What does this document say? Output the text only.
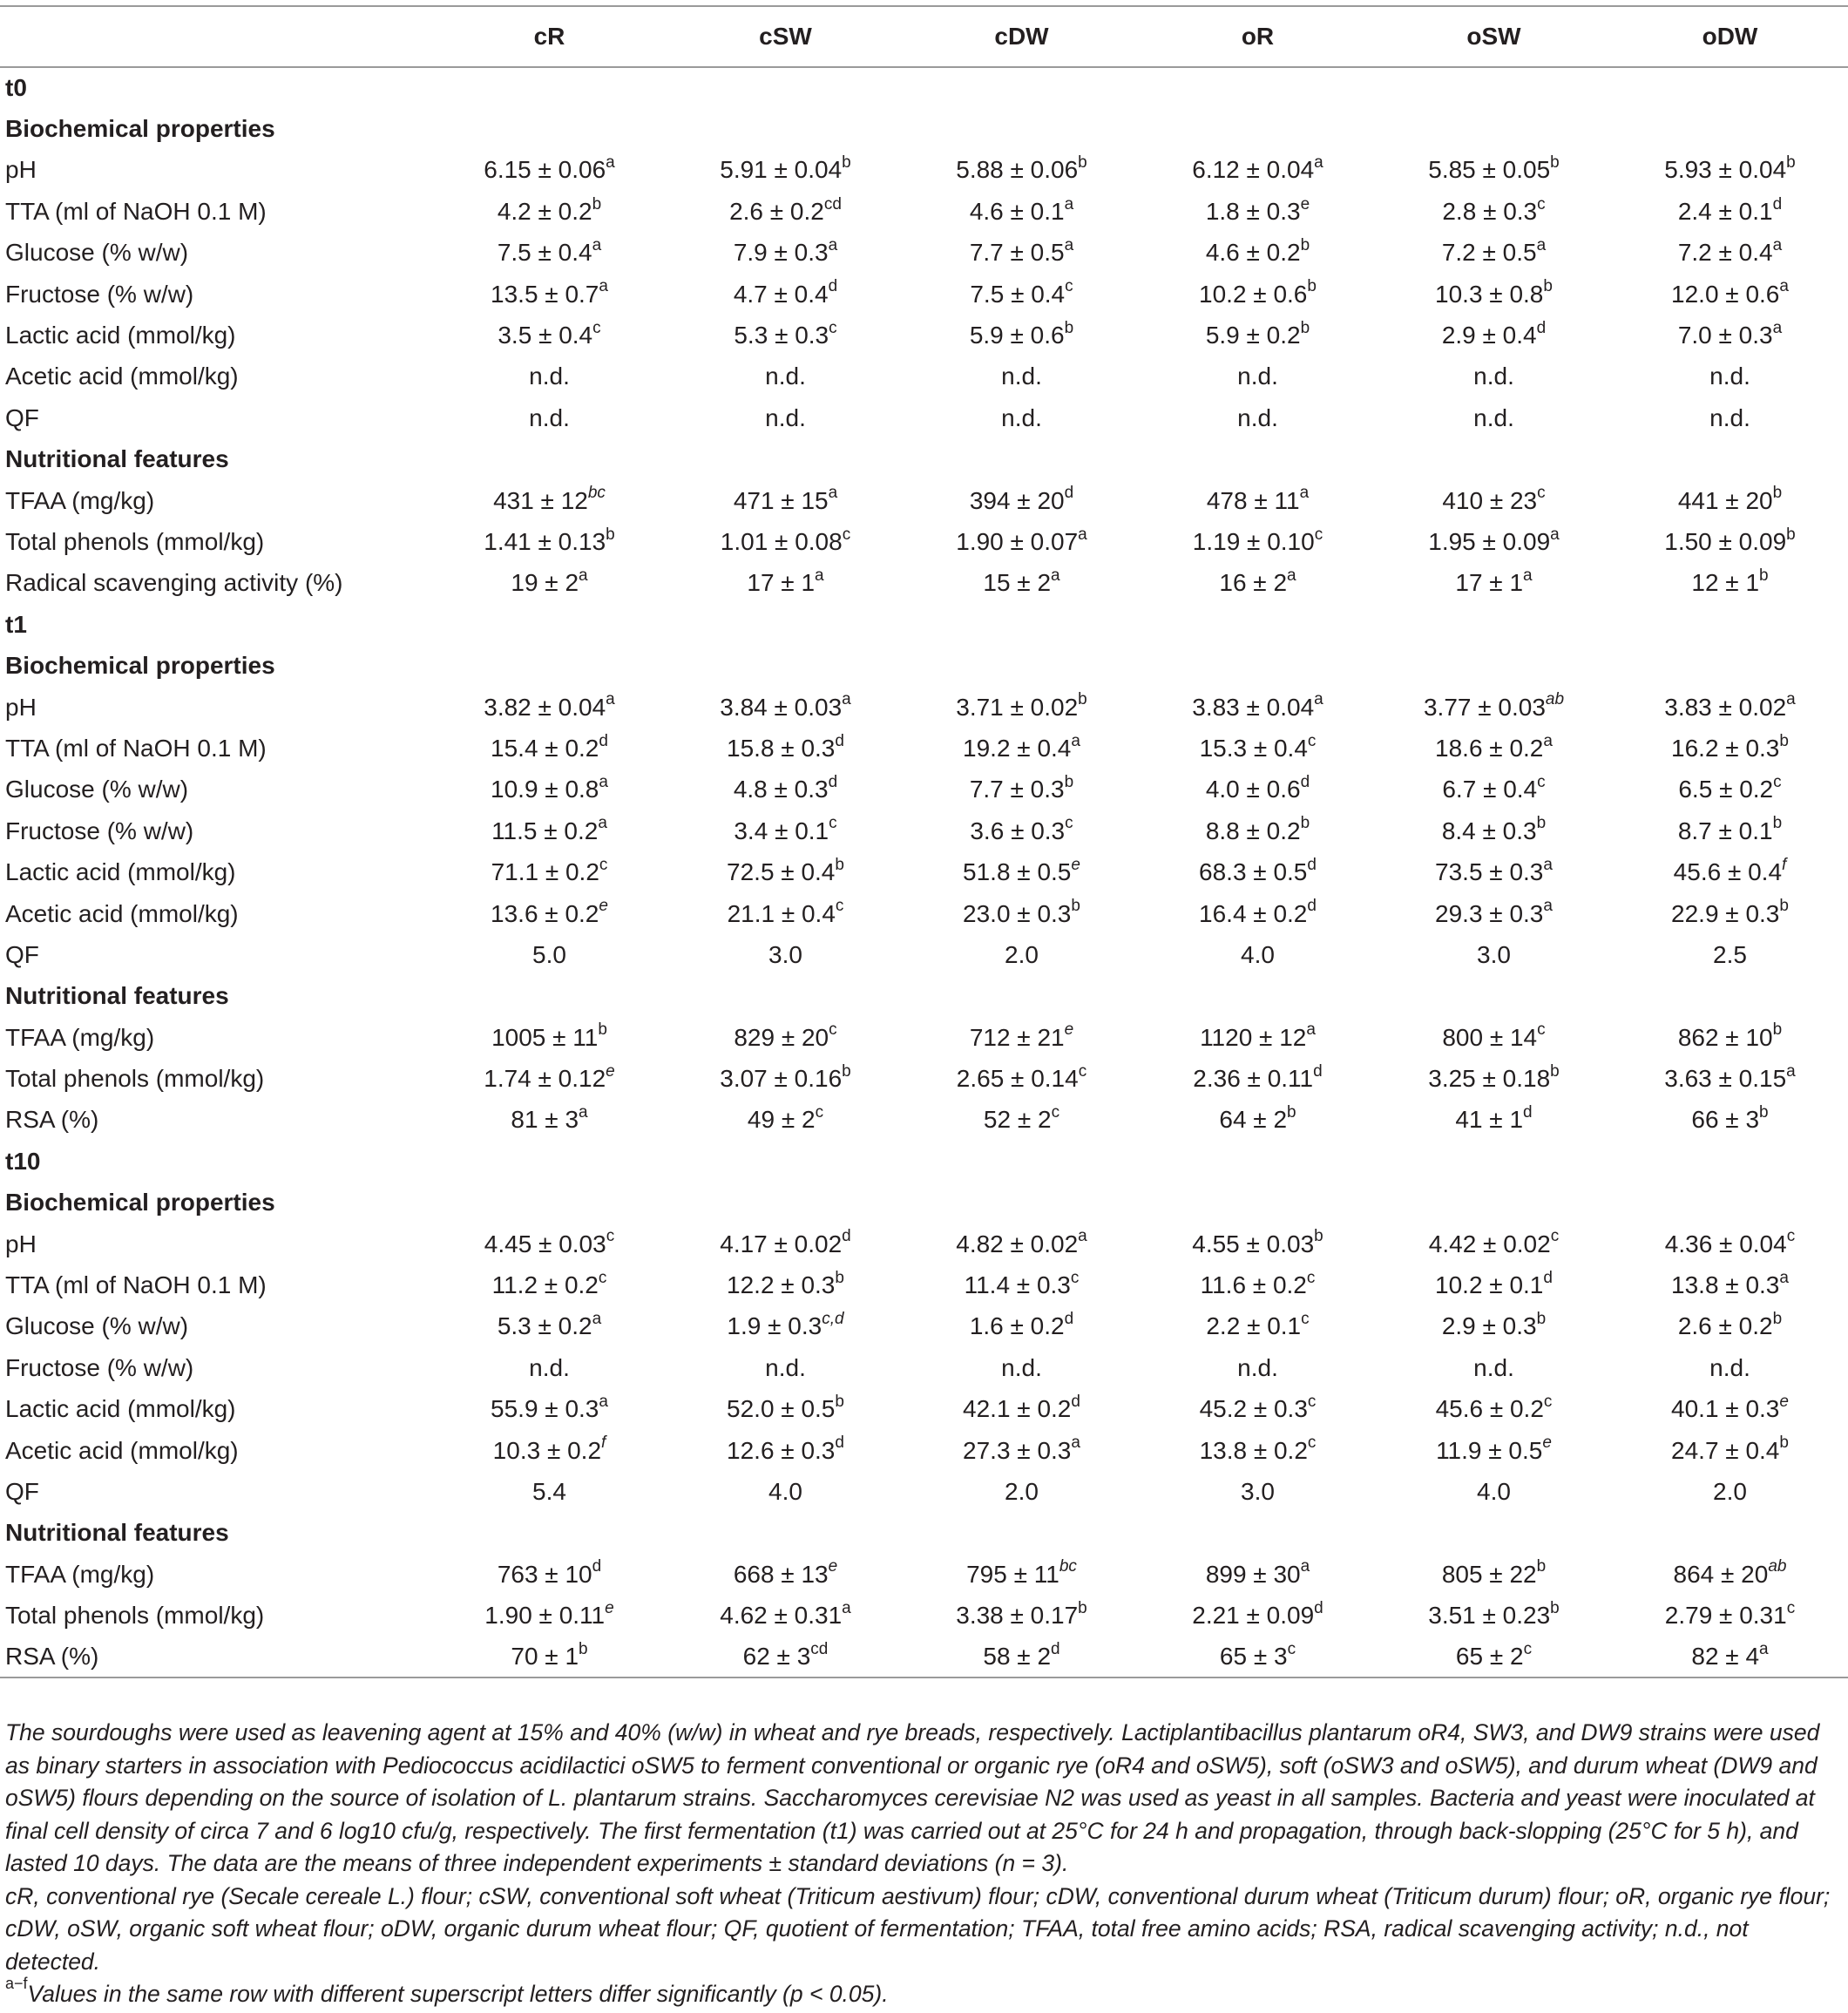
	cR	cSW	cDW	oR	oSW	oDW
t0						
Biochemical properties						
pH	6.15 ± 0.06$^a$	5.91 ± 0.04$^b$	5.88 ± 0.06$^b$	6.12 ± 0.04$^a$	5.85 ± 0.05$^b$	5.93 ± 0.04$^b$
TTA (ml of NaOH 0.1 M)	4.2 ± 0.2$^b$	2.6 ± 0.2$^{cd}$	4.6 ± 0.1$^a$	1.8 ± 0.3$^e$	2.8 ± 0.3$^c$	2.4 ± 0.1$^d$
Glucose (% w/w)	7.5 ± 0.4$^a$	7.9 ± 0.3$^a$	7.7 ± 0.5$^a$	4.6 ± 0.2$^b$	7.2 ± 0.5$^a$	7.2 ± 0.4$^a$
Fructose (% w/w)	13.5 ± 0.7$^a$	4.7 ± 0.4$^d$	7.5 ± 0.4$^c$	10.2 ± 0.6$^b$	10.3 ± 0.8$^b$	12.0 ± 0.6$^a$
Lactic acid (mmol/kg)	3.5 ± 0.4$^c$	5.3 ± 0.3$^c$	5.9 ± 0.6$^b$	5.9 ± 0.2$^b$	2.9 ± 0.4$^d$	7.0 ± 0.3$^a$
Acetic acid (mmol/kg)	n.d.	n.d.	n.d.	n.d.	n.d.	n.d.
QF	n.d.	n.d.	n.d.	n.d.	n.d.	n.d.
Nutritional features						
TFAA (mg/kg)	$431 \pm 12^{bc}$	$471 \pm 15^a$	$394 \pm 20^d$	$478 \pm 11^a$	$410 \pm 23^c$	$441 \pm 20^b$
Total phenols (mmol/kg)	1.41 ± 0.13$^b$	1.01 ± 0.08$^c$	1.90 ± 0.07$^a$	1.19 ± 0.10$^c$	1.95 ± 0.09$^a$	1.50 ± 0.09$^b$
Radical scavenging activity (%)	$19 \pm 2^a$	$17 \pm 1^a$	$15 \pm 2^a$	$16 \pm 2^a$	$17 \pm 1^a$	$12 \pm 1^b$
t1						
Biochemical properties						
pH	3.82 ± 0.04$^a$	3.84 ± 0.03$^a$	3.71 ± 0.02$^b$	3.83 ± 0.04$^a$	3.77 ± 0.03$^{ab}$	3.83 ± 0.02$^a$
TTA (ml of NaOH 0.1 M)	15.4 ± 0.2$^d$	15.8 ± 0.3$^d$	19.2 ± 0.4$^a$	15.3 ± 0.4$^c$	18.6 ± 0.2$^a$	16.2 ± 0.3$^b$
Glucose (% w/w)	10.9 ± 0.8$^a$	4.8 ± 0.3$^d$	7.7 ± 0.3$^b$	4.0 ± 0.6$^d$	6.7 ± 0.4$^c$	6.5 ± 0.2$^c$
Fructose (% w/w)	11.5 ± 0.2$^a$	3.4 ± 0.1$^c$	3.6 ± 0.3$^c$	8.8 ± 0.2$^b$	8.4 ± 0.3$^b$	8.7 ± 0.1$^b$
Lactic acid (mmol/kg)	71.1 ± 0.2$^c$	72.5 ± 0.4$^b$	51.8 ± 0.5$^e$	68.3 ± 0.5$^d$	73.5 ± 0.3$^a$	45.6 ± 0.4$^f$
Acetic acid (mmol/kg)	13.6 ± 0.2$^e$	21.1 ± 0.4$^c$	23.0 ± 0.3$^b$	16.4 ± 0.2$^d$	29.3 ± 0.3$^a$	22.9 ± 0.3$^b$
QF	5.0	3.0	2.0	4.0	3.0	2.5
Nutritional features						
TFAA (mg/kg)	$1005 \pm 11^b$	$829 \pm 20^c$	$712 \pm 21^e$	$1120 \pm 12^a$	$800 \pm 14^c$	$862 \pm 10^b$
Total phenols (mmol/kg)	1.74 ± 0.12$^e$	3.07 ± 0.16$^b$	2.65 ± 0.14$^c$	2.36 ± 0.11$^d$	3.25 ± 0.18$^b$	3.63 ± 0.15$^a$
RSA (%)	$81 \pm 3^a$	$49 \pm 2^c$	$52 \pm 2^c$	$64 \pm 2^b$	$41 \pm 1^d$	$66 \pm 3^b$
t10						
Biochemical properties						
pH	4.45 ± 0.03$^c$	4.17 ± 0.02$^d$	4.82 ± 0.02$^a$	4.55 ± 0.03$^b$	4.42 ± 0.02$^c$	4.36 ± 0.04$^c$
TTA (ml of NaOH 0.1 M)	11.2 ± 0.2$^c$	12.2 ± 0.3$^b$	11.4 ± 0.3$^c$	11.6 ± 0.2$^c$	10.2 ± 0.1$^d$	13.8 ± 0.3$^a$
Glucose (% w/w)	5.3 ± 0.2$^a$	$1.9 \pm 0.3^{c,d}$	1.6 ± 0.2$^d$	2.2 ± 0.1$^c$	2.9 ± 0.3$^b$	2.6 ± 0.2$^b$
Fructose (% w/w)	n.d.	n.d.	n.d.	n.d.	n.d.	n.d.
Lactic acid (mmol/kg)	55.9 ± 0.3$^a$	52.0 ± 0.5$^b$	42.1 ± 0.2$^d$	45.2 ± 0.3$^c$	45.6 ± 0.2$^c$	40.1 ± 0.3$^e$
Acetic acid (mmol/kg)	10.3 ± 0.2$^f$	12.6 ± 0.3$^d$	27.3 ± 0.3$^a$	13.8 ± 0.2$^c$	11.9 ± 0.5$^e$	24.7 ± 0.4$^b$
QF	5.4	4.0	2.0	3.0	4.0	2.0
Nutritional features						
TFAA (mg/kg)	$763 \pm 10^d$	$668 \pm 13^e$	$795 \pm 11^{bc}$	$899 \pm 30^a$	$805 \pm 22^b$	$864 \pm 20^{ab}$
Total phenols (mmol/kg)	1.90 ± 0.11$^e$	4.62 ± 0.31$^a$	3.38 ± 0.17$^b$	2.21 ± 0.09$^d$	3.51 ± 0.23$^b$	2.79 ± 0.31$^c$
RSA (%)	$70 \pm 1^b$	$62 \pm 3^{cd}$	$58 \pm 2^d$	$65 \pm 3^c$	$65 \pm 2^c$	$82 \pm 4^a$

The sourdoughs were used as leavening agent at 15% and 40% (w/w) in wheat and rye breads, respectively. Lactiplantibacillus plantarum oR4, SW3, and DW9 strains were used as binary starters in association with Pediococcus acidilactici oSW5 to ferment conventional or organic rye (oR4 and oSW5), soft (oSW3 and oSW5), and durum wheat (DW9 and oSW5) flours depending on the source of isolation of L. plantarum strains. Saccharomyces cerevisiae N2 was used as yeast in all samples. Bacteria and yeast were inoculated at final cell density of circa 7 and 6 log10 cfu/g, respectively. The first fermentation (t1) was carried out at 25°C for 24 h and propagation, through back-slopping (25°C for 5 h), and lasted 10 days. The data are the means of three independent experiments ± standard deviations (n = 3).

cR, conventional rye (Secale cereale L.) flour; cSW, conventional soft wheat (Triticum aestivum) flour; cDW, conventional durum wheat (Triticum durum) flour; oR, organic rye flour; cDW, oSW, organic soft wheat flour; oDW, organic durum wheat flour; QF, quotient of fermentation; TFAA, total free amino acids; RSA, radical scavenging activity; n.d., not detected.

$^{a-f}$Values in the same row with different superscript letters differ significantly (p < 0.05).
